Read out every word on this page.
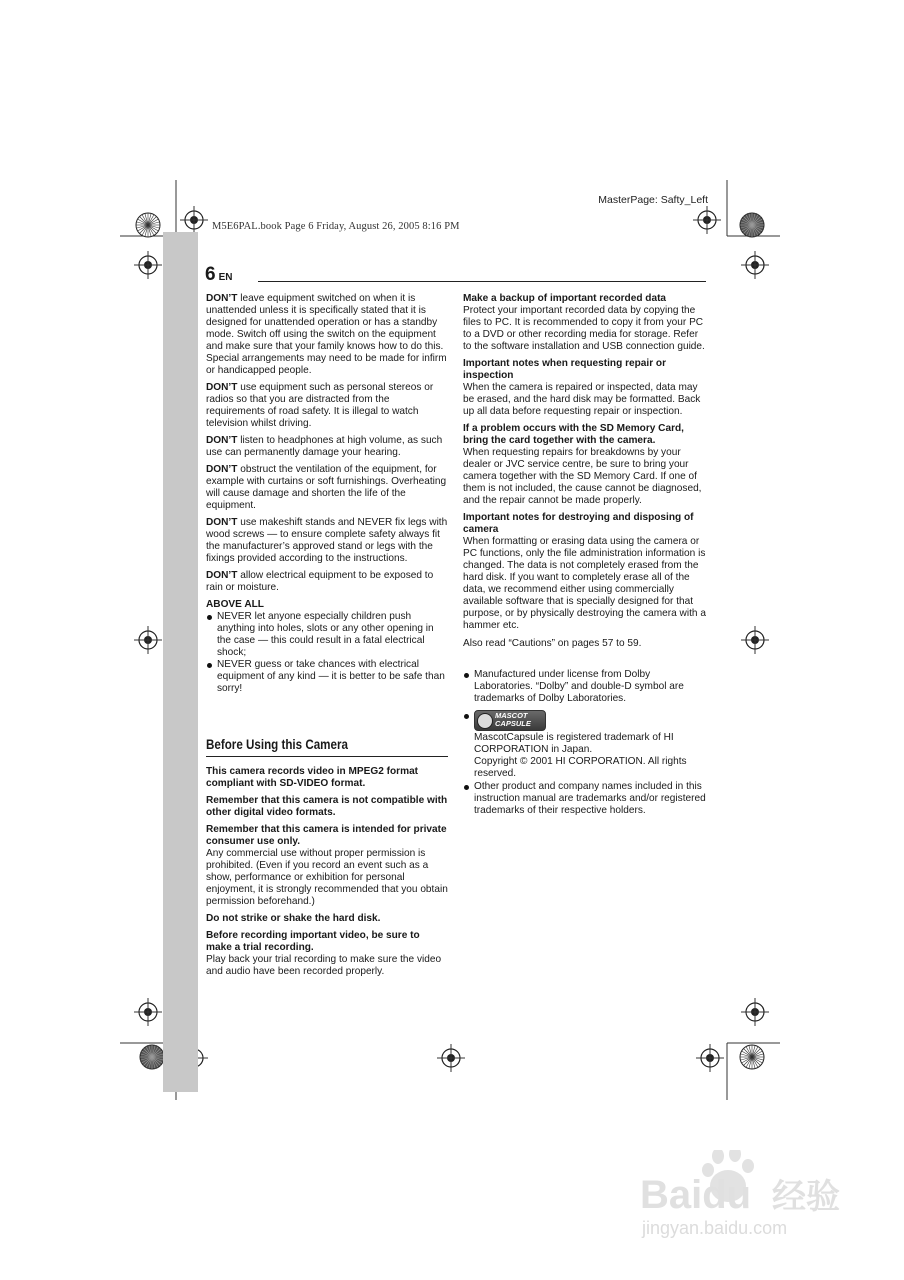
MasterPage: Safty_Left
M5E6PAL.book Page 6 Friday, August 26, 2005 8:16 PM
6 EN

DON’T leave equipment switched on when it is unattended unless it is specifically stated that it is designed for unattended operation or has a standby mode. Switch off using the switch on the equipment and make sure that your family knows how to do this. Special arrangements may need to be made for infirm or handicapped people.

DON’T use equipment such as personal stereos or radios so that you are distracted from the requirements of road safety. It is illegal to watch television whilst driving.

DON’T listen to headphones at high volume, as such use can permanently damage your hearing.

DON’T obstruct the ventilation of the equipment, for example with curtains or soft furnishings. Overheating will cause damage and shorten the life of the equipment.

DON’T use makeshift stands and NEVER fix legs with wood screws — to ensure complete safety always fit the manufacturer’s approved stand or legs with the fixings provided according to the instructions.

DON’T allow electrical equipment to be exposed to rain or moisture.

ABOVE ALL

NEVER let anyone especially children push anything into holes, slots or any other opening in the case — this could result in a fatal electrical shock;
NEVER guess or take chances with electrical equipment of any kind — it is better to be safe than sorry!
Before Using this Camera

This camera records video in MPEG2 format compliant with SD-VIDEO format.

Remember that this camera is not compatible with other digital video formats.

Remember that this camera is intended for private consumer use only.
Any commercial use without proper permission is prohibited. (Even if you record an event such as a show, performance or exhibition for personal enjoyment, it is strongly recommended that you obtain permission beforehand.)

Do not strike or shake the hard disk.

Before recording important video, be sure to make a trial recording.
Play back your trial recording to make sure the video and audio have been recorded properly.

Make a backup of important recorded data
Protect your important recorded data by copying the files to PC. It is recommended to copy it from your PC to a DVD or other recording media for storage. Refer to the software installation and USB connection guide.

Important notes when requesting repair or inspection
When the camera is repaired or inspected, data may be erased, and the hard disk may be formatted. Back up all data before requesting repair or inspection.

If a problem occurs with the SD Memory Card, bring the card together with the camera.
When requesting repairs for breakdowns by your dealer or JVC service centre, be sure to bring your camera together with the SD Memory Card. If one of them is not included, the cause cannot be diagnosed, and the repair cannot be made properly.

Important notes for destroying and disposing of camera
When formatting or erasing data using the camera or PC functions, only the file administration information is changed. The data is not completely erased from the hard disk. If you want to completely erase all of the data, we recommend either using commercially available software that is specially designed for that purpose, or by physically destroying the camera with a hammer etc.

Also read “Cautions” on pages 57 to 59.

Manufactured under license from Dolby Laboratories. “Dolby” and double-D symbol are trademarks of Dolby Laboratories.
MASCOT
CAPSULE
MascotCapsule is registered trademark of HI CORPORATION in Japan.
Copyright © 2001 HI CORPORATION. All rights reserved.
Other product and company names included in this instruction manual are trademarks and/or registered trademarks of their respective holders.
Baidu 经验
jingyan.baidu.com
